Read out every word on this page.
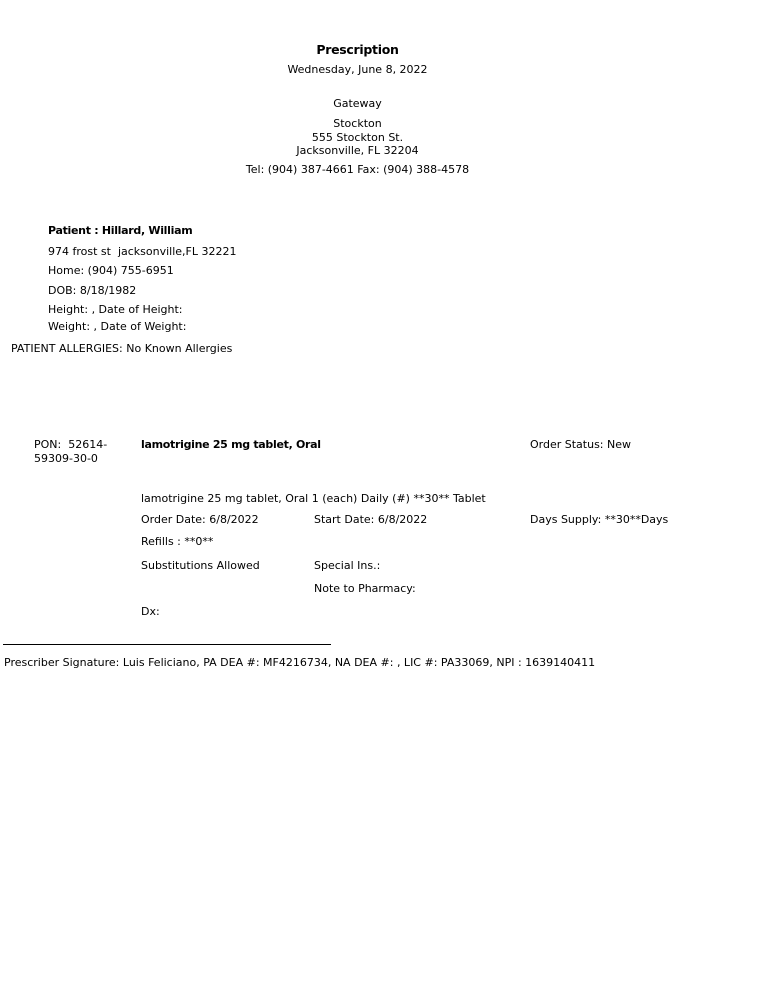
Prescription
Wednesday, June 8, 2022
Gateway
Stockton
555 Stockton St.
Jacksonville, FL 32204
Tel: (904) 387-4661 Fax: (904) 388-4578
Patient : Hillard, William
974 frost st  jacksonville,FL 32221
Home: (904) 755-6951
DOB: 8/18/1982
Height: , Date of Height:
Weight: , Date of Weight:
PATIENT ALLERGIES: No Known Allergies
PON:  52614-59309-30-0
lamotrigine 25 mg tablet, Oral	Order Status: New
lamotrigine 25 mg tablet, Oral 1 (each) Daily (#) **30** Tablet
Order Date: 6/8/2022	Start Date: 6/8/2022	Days Supply: **30**Days
Refills : **0**
Substitutions Allowed	Special Ins.:
Note to Pharmacy:
Dx:
Prescriber Signature: Luis Feliciano, PA DEA #: MF4216734, NA DEA #: , LIC #: PA33069, NPI : 1639140411
